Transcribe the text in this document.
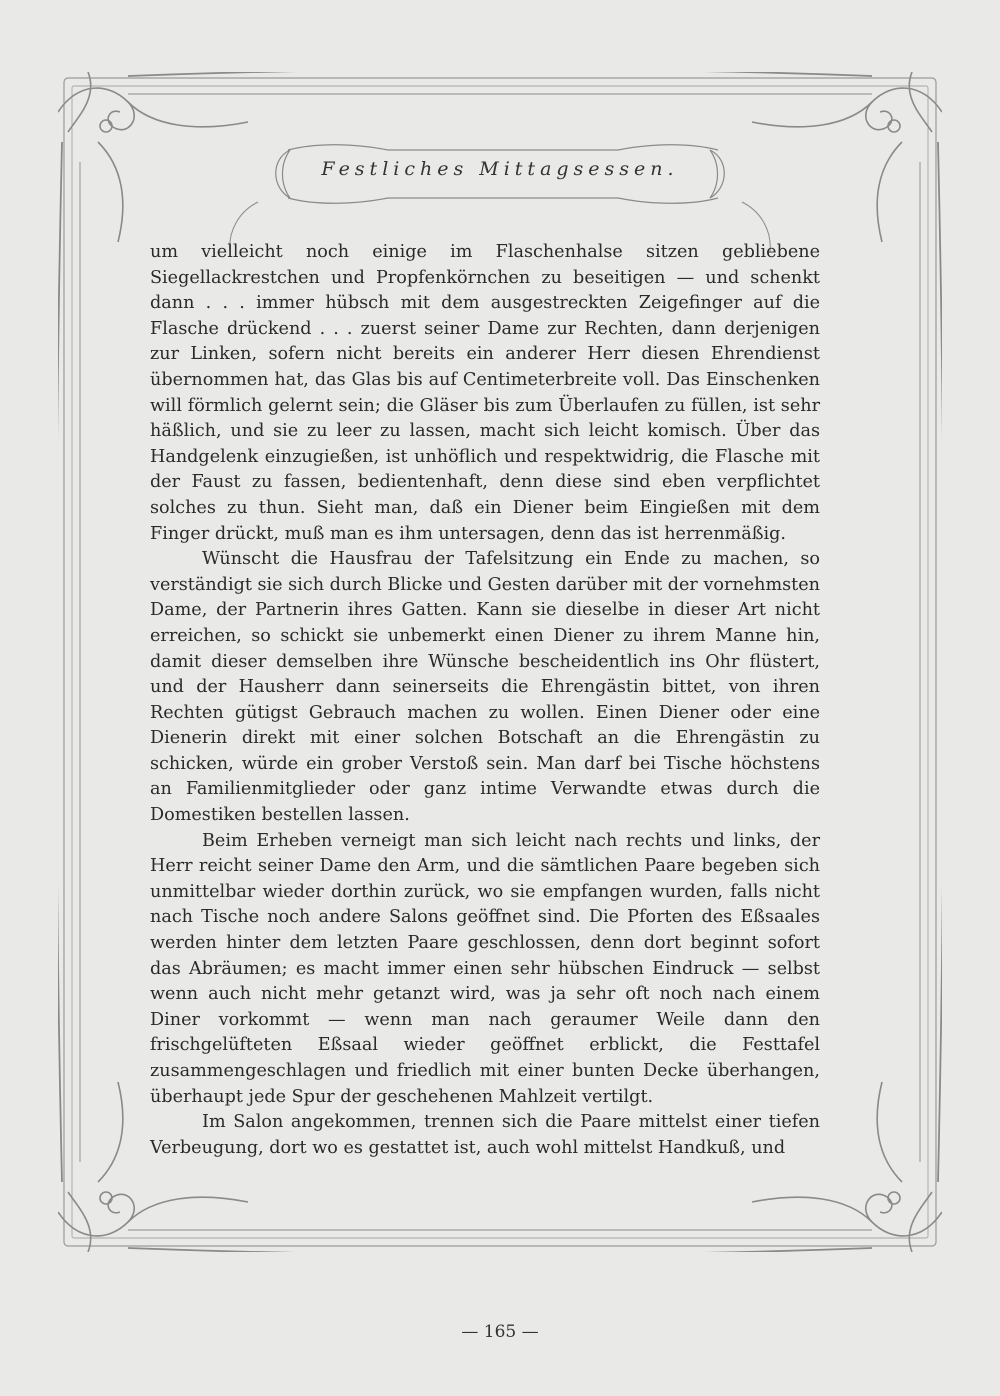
Festliches Mittagsessen.

um vielleicht noch einige im Flaschenhalse sitzen gebliebene Siegellackrestchen und Propfenkörnchen zu beseitigen — und schenkt dann . . . immer hübsch mit dem ausgestreckten Zeigefinger auf die Flasche drückend . . . zuerst seiner Dame zur Rechten, dann derjenigen zur Linken, sofern nicht bereits ein anderer Herr diesen Ehrendienst übernommen hat, das Glas bis auf Centimeterbreite voll. Das Einschenken will förmlich gelernt sein; die Gläser bis zum Überlaufen zu füllen, ist sehr häßlich, und sie zu leer zu lassen, macht sich leicht komisch. Über das Handgelenk einzugießen, ist unhöflich und respektwidrig, die Flasche mit der Faust zu fassen, bedientenhaft, denn diese sind eben verpflichtet solches zu thun. Sieht man, daß ein Diener beim Eingießen mit dem Finger drückt, muß man es ihm untersagen, denn das ist herrenmäßig.

Wünscht die Hausfrau der Tafelsitzung ein Ende zu machen, so verständigt sie sich durch Blicke und Gesten darüber mit der vornehmsten Dame, der Partnerin ihres Gatten. Kann sie dieselbe in dieser Art nicht erreichen, so schickt sie unbemerkt einen Diener zu ihrem Manne hin, damit dieser demselben ihre Wünsche bescheidentlich ins Ohr flüstert, und der Hausherr dann seinerseits die Ehrengästin bittet, von ihren Rechten gütigst Gebrauch machen zu wollen. Einen Diener oder eine Dienerin direkt mit einer solchen Botschaft an die Ehrengästin zu schicken, würde ein grober Verstoß sein. Man darf bei Tische höchstens an Familienmitglieder oder ganz intime Verwandte etwas durch die Domestiken bestellen lassen.

Beim Erheben verneigt man sich leicht nach rechts und links, der Herr reicht seiner Dame den Arm, und die sämtlichen Paare begeben sich unmittelbar wieder dorthin zurück, wo sie empfangen wurden, falls nicht nach Tische noch andere Salons geöffnet sind. Die Pforten des Eßsaales werden hinter dem letzten Paare geschlossen, denn dort beginnt sofort das Abräumen; es macht immer einen sehr hübschen Eindruck — selbst wenn auch nicht mehr getanzt wird, was ja sehr oft noch nach einem Diner vorkommt — wenn man nach geraumer Weile dann den frischgelüfteten Eßsaal wieder geöffnet erblickt, die Festtafel zusammengeschlagen und friedlich mit einer bunten Decke überhangen, überhaupt jede Spur der geschehenen Mahlzeit vertilgt.

Im Salon angekommen, trennen sich die Paare mittelst einer tiefen Verbeugung, dort wo es gestattet ist, auch wohl mittelst Handkuß, und

— 165 —
